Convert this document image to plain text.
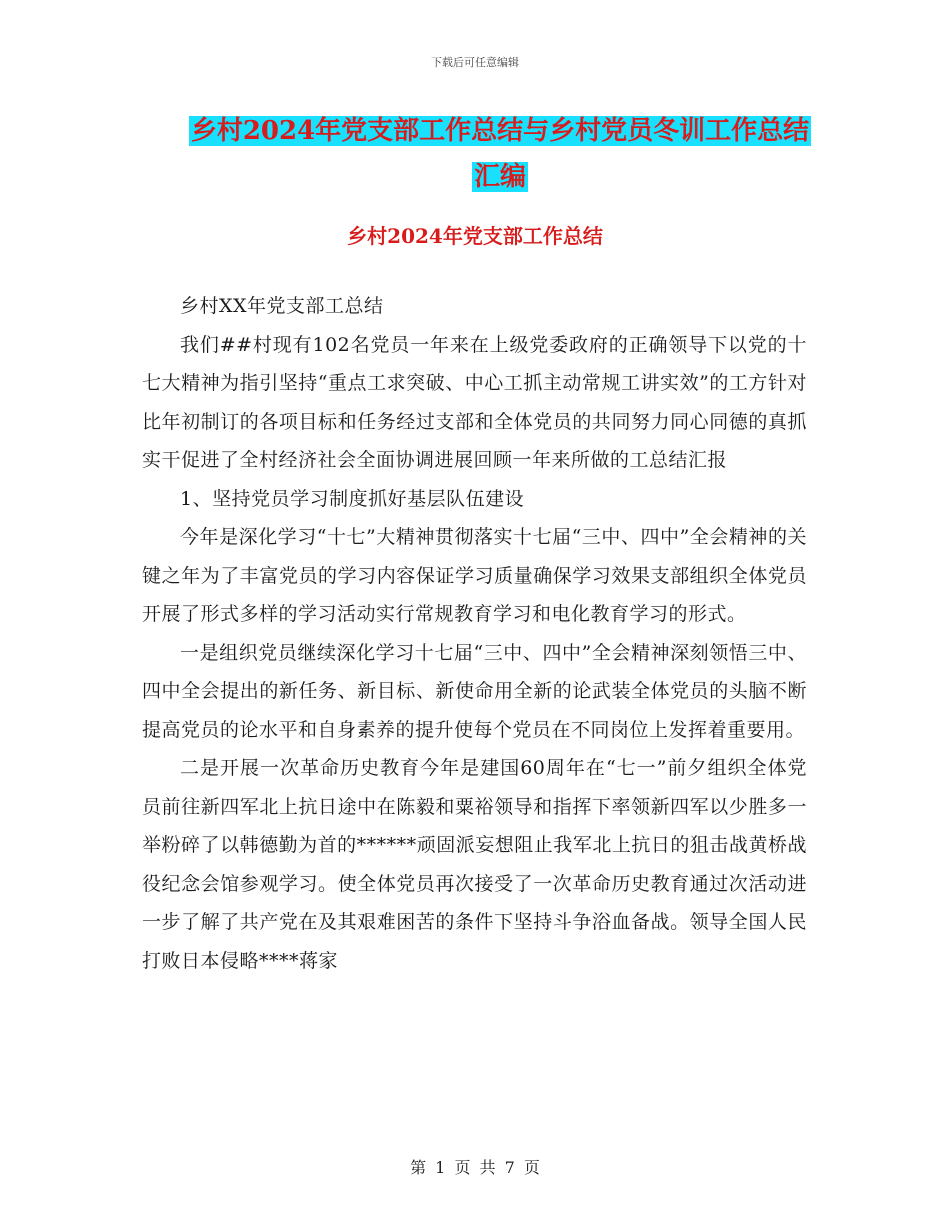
下载后可任意编辑
乡村2024年党支部工作总结与乡村党员冬训工作总结
汇编
乡村2024年党支部工作总结

乡村XX年党支部工总结

我们##村现有102名党员一年来在上级党委政府的正确领导下以党的十七大精神为指引坚持“重点工求突破、中心工抓主动常规工讲实效”的工方针对比年初制订的各项目标和任务经过支部和全体党员的共同努力同心同德的真抓实干促进了全村经济社会全面协调进展回顾一年来所做的工总结汇报

1、坚持党员学习制度抓好基层队伍建设

今年是深化学习“十七”大精神贯彻落实十七届“三中、四中”全会精神的关键之年为了丰富党员的学习内容保证学习质量确保学习效果支部组织全体党员开展了形式多样的学习活动实行常规教育学习和电化教育学习的形式。

一是组织党员继续深化学习十七届“三中、四中”全会精神深刻领悟三中、四中全会提出的新任务、新目标、新使命用全新的论武装全体党员的头脑不断提高党员的论水平和自身素养的提升使每个党员在不同岗位上发挥着重要用。

二是开展一次革命历史教育今年是建国60周年在“七一”前夕组织全体党员前往新四军北上抗日途中在陈毅和粟裕领导和指挥下率领新四军以少胜多一举粉碎了以韩德勤为首的******顽固派妄想阻止我军北上抗日的狙击战黄桥战役纪念会馆参观学习。使全体党员再次接受了一次革命历史教育通过次活动进一步了解了共产党在及其艰难困苦的条件下坚持斗争浴血备战。领导全国人民打败日本侵略****蒋家

第 1 页 共 7 页
